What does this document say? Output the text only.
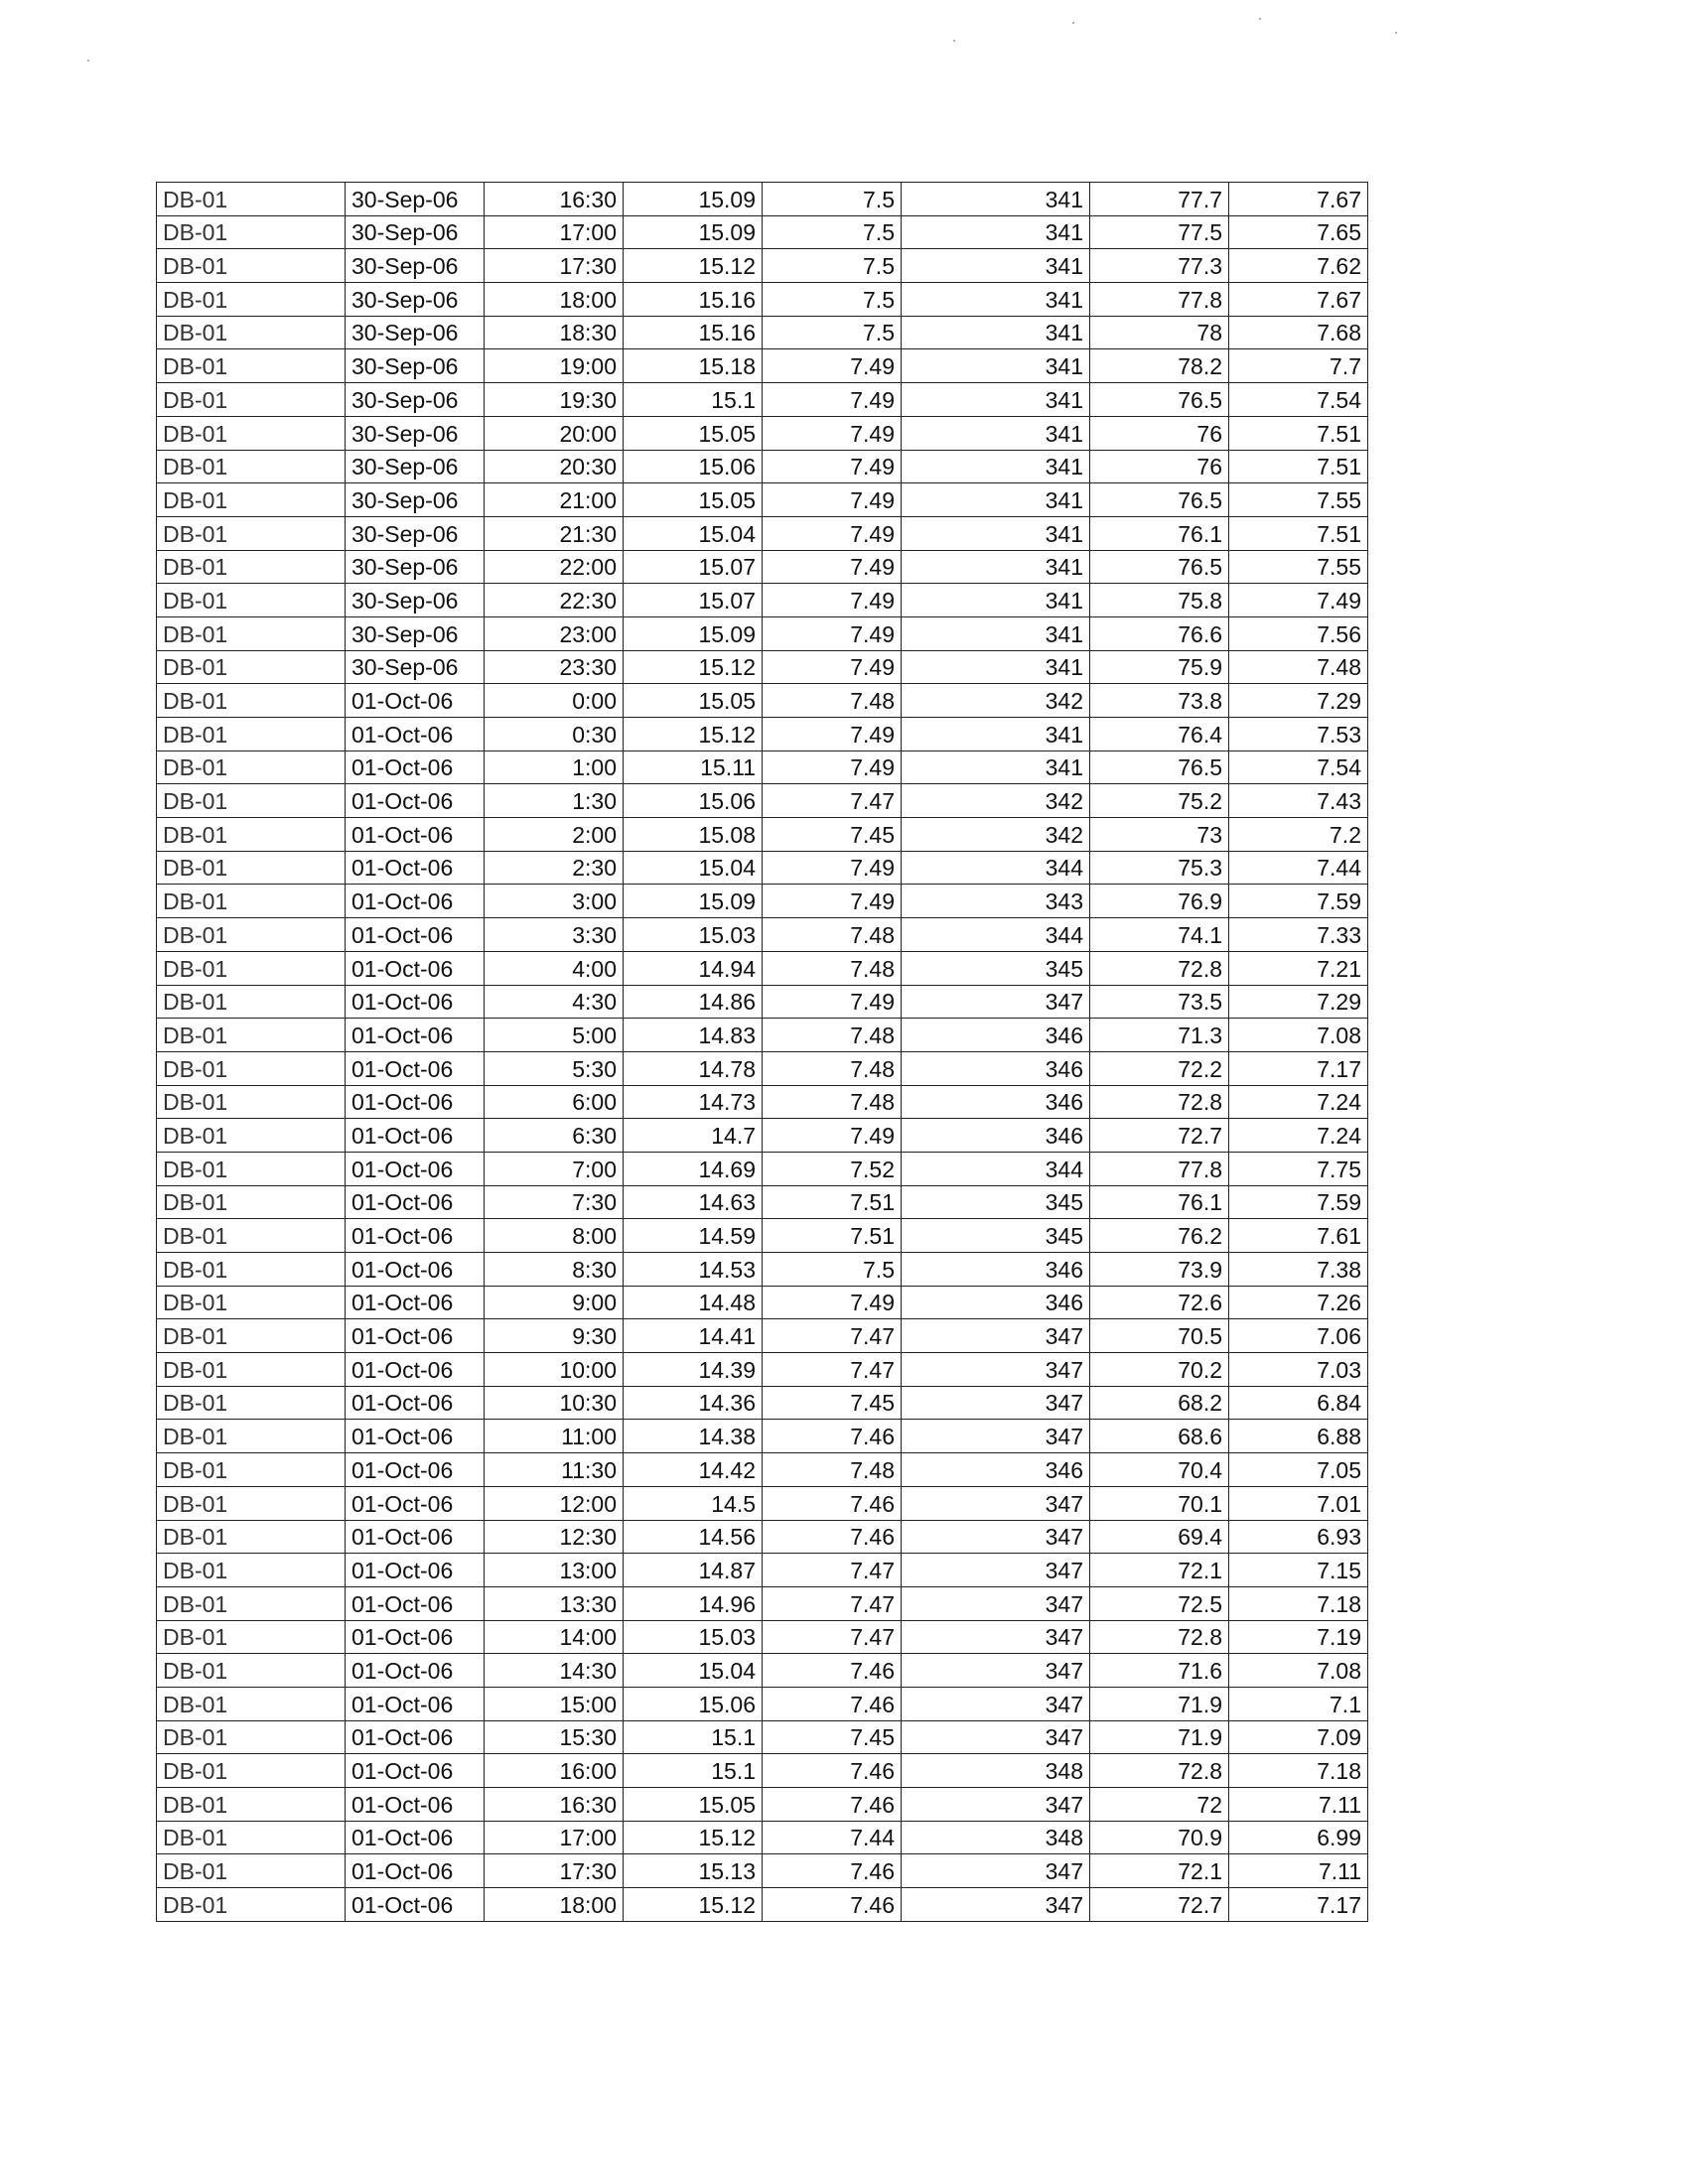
DB-01	30-Sep-06	16:30	15.09	7.5	341	77.7	7.67
DB-01	30-Sep-06	17:00	15.09	7.5	341	77.5	7.65
DB-01	30-Sep-06	17:30	15.12	7.5	341	77.3	7.62
DB-01	30-Sep-06	18:00	15.16	7.5	341	77.8	7.67
DB-01	30-Sep-06	18:30	15.16	7.5	341	78	7.68
DB-01	30-Sep-06	19:00	15.18	7.49	341	78.2	7.7
DB-01	30-Sep-06	19:30	15.1	7.49	341	76.5	7.54
DB-01	30-Sep-06	20:00	15.05	7.49	341	76	7.51
DB-01	30-Sep-06	20:30	15.06	7.49	341	76	7.51
DB-01	30-Sep-06	21:00	15.05	7.49	341	76.5	7.55
DB-01	30-Sep-06	21:30	15.04	7.49	341	76.1	7.51
DB-01	30-Sep-06	22:00	15.07	7.49	341	76.5	7.55
DB-01	30-Sep-06	22:30	15.07	7.49	341	75.8	7.49
DB-01	30-Sep-06	23:00	15.09	7.49	341	76.6	7.56
DB-01	30-Sep-06	23:30	15.12	7.49	341	75.9	7.48
DB-01	01-Oct-06	0:00	15.05	7.48	342	73.8	7.29
DB-01	01-Oct-06	0:30	15.12	7.49	341	76.4	7.53
DB-01	01-Oct-06	1:00	15.11	7.49	341	76.5	7.54
DB-01	01-Oct-06	1:30	15.06	7.47	342	75.2	7.43
DB-01	01-Oct-06	2:00	15.08	7.45	342	73	7.2
DB-01	01-Oct-06	2:30	15.04	7.49	344	75.3	7.44
DB-01	01-Oct-06	3:00	15.09	7.49	343	76.9	7.59
DB-01	01-Oct-06	3:30	15.03	7.48	344	74.1	7.33
DB-01	01-Oct-06	4:00	14.94	7.48	345	72.8	7.21
DB-01	01-Oct-06	4:30	14.86	7.49	347	73.5	7.29
DB-01	01-Oct-06	5:00	14.83	7.48	346	71.3	7.08
DB-01	01-Oct-06	5:30	14.78	7.48	346	72.2	7.17
DB-01	01-Oct-06	6:00	14.73	7.48	346	72.8	7.24
DB-01	01-Oct-06	6:30	14.7	7.49	346	72.7	7.24
DB-01	01-Oct-06	7:00	14.69	7.52	344	77.8	7.75
DB-01	01-Oct-06	7:30	14.63	7.51	345	76.1	7.59
DB-01	01-Oct-06	8:00	14.59	7.51	345	76.2	7.61
DB-01	01-Oct-06	8:30	14.53	7.5	346	73.9	7.38
DB-01	01-Oct-06	9:00	14.48	7.49	346	72.6	7.26
DB-01	01-Oct-06	9:30	14.41	7.47	347	70.5	7.06
DB-01	01-Oct-06	10:00	14.39	7.47	347	70.2	7.03
DB-01	01-Oct-06	10:30	14.36	7.45	347	68.2	6.84
DB-01	01-Oct-06	11:00	14.38	7.46	347	68.6	6.88
DB-01	01-Oct-06	11:30	14.42	7.48	346	70.4	7.05
DB-01	01-Oct-06	12:00	14.5	7.46	347	70.1	7.01
DB-01	01-Oct-06	12:30	14.56	7.46	347	69.4	6.93
DB-01	01-Oct-06	13:00	14.87	7.47	347	72.1	7.15
DB-01	01-Oct-06	13:30	14.96	7.47	347	72.5	7.18
DB-01	01-Oct-06	14:00	15.03	7.47	347	72.8	7.19
DB-01	01-Oct-06	14:30	15.04	7.46	347	71.6	7.08
DB-01	01-Oct-06	15:00	15.06	7.46	347	71.9	7.1
DB-01	01-Oct-06	15:30	15.1	7.45	347	71.9	7.09
DB-01	01-Oct-06	16:00	15.1	7.46	348	72.8	7.18
DB-01	01-Oct-06	16:30	15.05	7.46	347	72	7.11
DB-01	01-Oct-06	17:00	15.12	7.44	348	70.9	6.99
DB-01	01-Oct-06	17:30	15.13	7.46	347	72.1	7.11
DB-01	01-Oct-06	18:00	15.12	7.46	347	72.7	7.17
